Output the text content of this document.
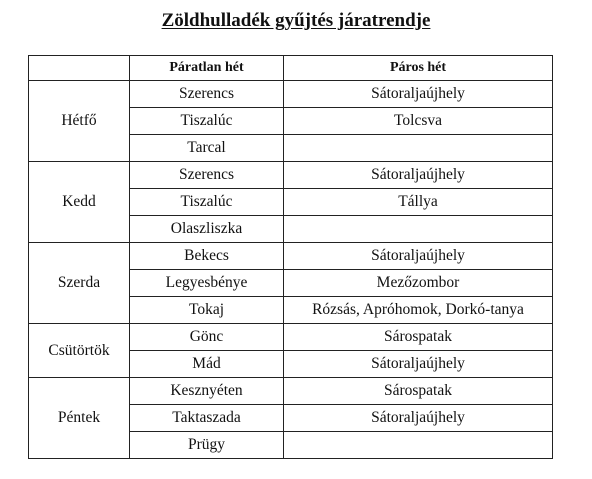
Zöldhulladék gyűjtés járatrendje
	Páratlan hét	Páros hét
Hétfő	Szerencs	Sátoraljaújhely
	Tiszalúc	Tolcsva
	Tarcal	
Kedd	Szerencs	Sátoraljaújhely
	Tiszalúc	Tállya
	Olaszliszka	
Szerda	Bekecs	Sátoraljaújhely
	Legyesbénye	Mezőzombor
	Tokaj	Rózsás, Apróhomok, Dorkó-tanya
Csütörtök	Gönc	Sárospatak
	Mád	Sátoraljaújhely
Péntek	Kesznyéten	Sárospatak
	Taktaszada	Sátoraljaújhely
	Prügy	
